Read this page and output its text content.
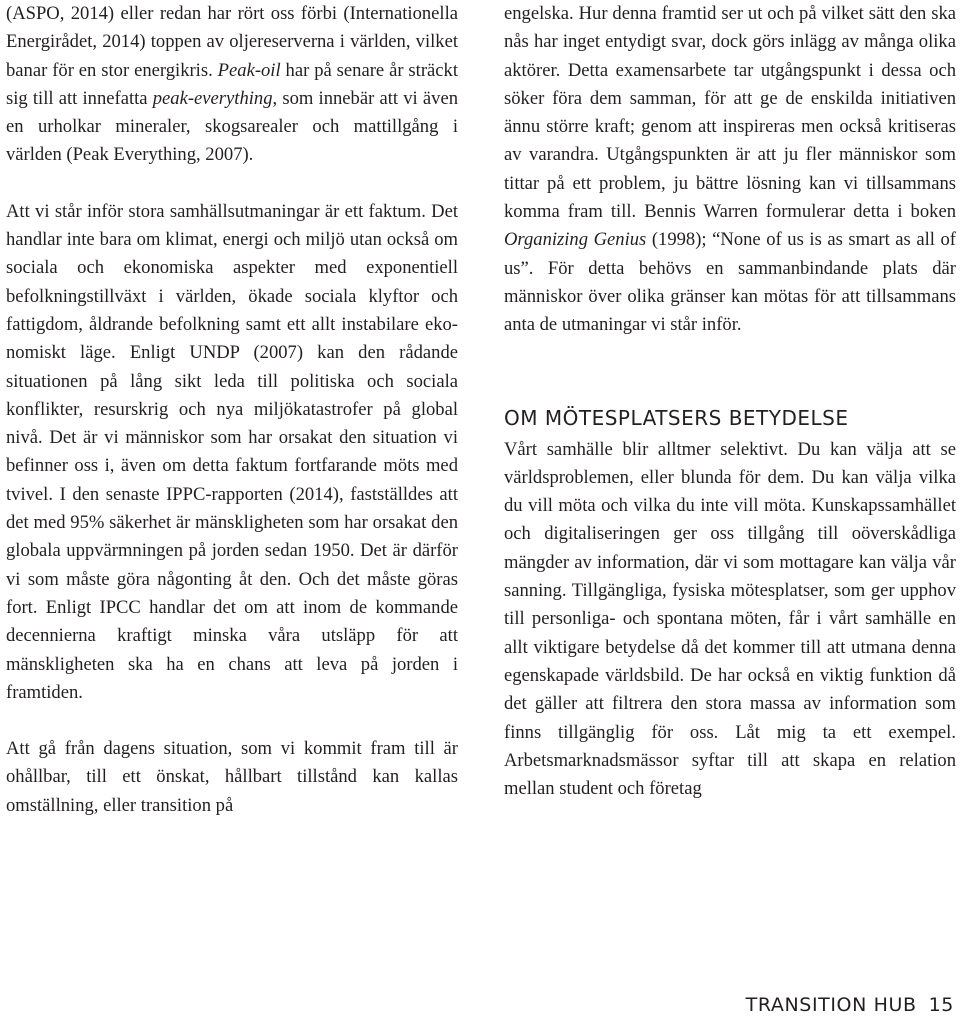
(ASPO, 2014) eller redan har rört oss förbi (Internationella Energirådet, 2014) toppen av oljereserverna i världen, vilket banar för en stor energikris. Peak-oil har på senare år sträckt sig till att innefatta peak-everything, som innebär att vi även en urholkar mineraler, skogsarealer och mattillgång i världen (Peak Everything, 2007).

Att vi står inför stora samhällsutmaningar är ett faktum. Det handlar inte bara om klimat, energi och miljö utan också om sociala och ekonomiska aspekter med exponentiell befolkningstillväxt i världen, ökade sociala klyftor och fattigdom, åldrande befolkning samt ett allt instabilare ekonomiskt läge. Enligt UNDP (2007) kan den rådande situationen på lång sikt leda till politiska och sociala konflikter, resurskrig och nya miljökatastrofer på global nivå. Det är vi människor som har orsakat den situation vi befinner oss i, även om detta faktum fortfarande möts med tvivel. I den senaste IPPC-rapporten (2014), fastställdes att det med 95% säkerhet är mänskligheten som har orsakat den globala uppvärmningen på jorden sedan 1950. Det är därför vi som måste göra någonting åt den. Och det måste göras fort. Enligt IPCC handlar det om att inom de kommande decennierna kraftigt minska våra utsläpp för att mänskligheten ska ha en chans att leva på jorden i framtiden.

Att gå från dagens situation, som vi kommit fram till är ohållbar, till ett önskat, hållbart tillstånd kan kallas omställning, eller transition på

engelska. Hur denna framtid ser ut och på vilket sätt den ska nås har inget entydigt svar, dock görs inlägg av många olika aktörer. Detta examensarbete tar utgångspunkt i dessa och söker föra dem samman, för att ge de enskilda initiativen ännu större kraft; genom att inspireras men också kritiseras av varandra. Utgångspunkten är att ju fler människor som tittar på ett problem, ju bättre lösning kan vi tillsammans komma fram till. Bennis Warren formulerar detta i boken Organizing Genius (1998); “None of us is as smart as all of us”. För detta behövs en sammanbindande plats där människor över olika gränser kan mötas för att tillsammans anta de utmaningar vi står inför.

OM MÖTESPLATSERS BETYDELSE

Vårt samhälle blir alltmer selektivt. Du kan välja att se världsproblemen, eller blunda för dem. Du kan välja vilka du vill möta och vilka du inte vill möta. Kunskapssamhället och digitaliseringen ger oss tillgång till oöverskådliga mängder av information, där vi som mottagare kan välja vår sanning. Tillgängliga, fysiska mötesplatser, som ger upphov till personliga- och spontana möten, får i vårt samhälle en allt viktigare betydelse då det kommer till att utmana denna egenskapade världsbild. De har också en viktig funktion då det gäller att filtrera den stora massa av information som finns tillgänglig för oss. Låt mig ta ett exempel. Arbetsmarknadsmässor syftar till att skapa en relation mellan student och företag

TRANSITION HUB 15
